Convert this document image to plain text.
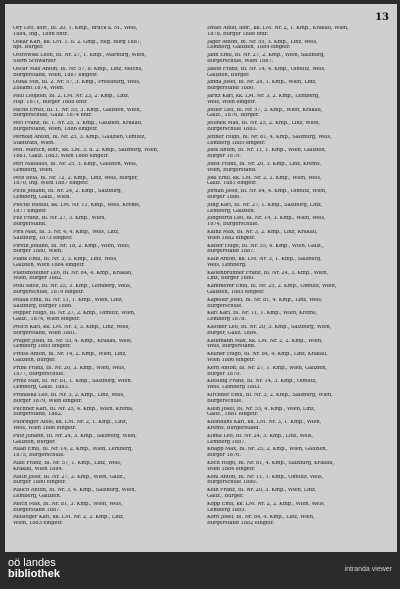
13
Ory Leo, lehr., Bl. 20, 1. Kmp., Bruck a. M., Wels,
1884, Ing., 1886 entr.
Oskar Karl, kk. LM. 1. u. 2. Gmp., Reg. Burg 1887,
hpt. Bürger.
Ostrowski Leon, Bl. Nr. 27, 1. Kmp., Marburg, Wien,
Stern Schwarzer
Oscar Max Anton, Bl. Nr. 57, 8. Kmp., Linz, Reichs,
Bürgerstand, Wien, 1887 eingetr.
Osbal Mix, Bl. 2. Nr. 57, 3. Kmp., Pressburg, Wels,
Zollamt 1874, Wien.
Paul Leopold, Bl. 2. LM. Nr. 23, 2. Kmp., Linz,
Hsp. 1871, Bürger 1888 entr.
Pache Ernst, Bl. 1. Nr. 55, 3. Kmp., Galizien, Wien,
Bürgerschule, Galiz. 1874 entr.
Perl Franz, Bl. 1. Nr. 25, 3. Kmp., Galizien, Krakau,
Bürgerstand, Wien, 1886 eingetr.
Pernold Anton, Bl. Nr. 25, 3. Kmp., Galizien, Olmütz,
Stadtrath, Wien.
Ped. Marsch, lehr., kk. LM. 3. u. 2. Kmp., Salzburg, Wien,
1881, Galiz. 1883, Wien 1886 eingetr.
Peri Nikolaus, Bl. Nr. 25, 3. Kmp., Galizien, Wels,
Lemberg, Wien.
Peth Bela, Bl. Nr. 72, 2. Kmp., Linz, Wels, Bürger,
1870, Ing. Wien 1887 eingetr.
Pichl Johann, Bl. Nr. 24, 2. Kmp., Salzburg,
Lemberg, Galiz., Wien.
Pieche Rudolf, kk. LM. Nr. 11, Kmp., Wels, Krems,
1877 eingetr.
Pilz Franz, Bl. Nr. 27, 3. Kmp., Wien,
Bürgerstand.
Pira Max, Bl. 3. Nr. 4, 4. Kmp., Wels, Linz,
Salzburg, 1873 eingetr.
Piroth Johann, Bl. Nr. 18, 2. Kmp., Wien, Wels,
Bürger 1880, Wien.
Plank Emil, Bl. Nr. 3, 3. Kmp., Linz, Wels,
Galizien, Wien 1884 eingetr.
Plattensteiner Leo, Bl. Nr. 84, 4. Kmp., Krakau,
Wien, Bürger 1882.
Pohl Adolf, Bl. Nr. 25, 3. Kmp., Lemberg, Wels,
Bürgerschule, 1879 eingetr.
Pollak Emil, Bl. Nr. 11, 1. Kmp., Wien, Linz,
Salzburg, Bürger 1886.
Popper Hugo, Bl. Nr. 27, 2. Kmp., Olmütz, Wien,
Galiz., 1874, Wien eingetr.
Posch Karl, kk. LM. Nr. 3, 3. Kmp., Linz, Wels,
Bürgerstand, Wien 1881.
Prager Josef, Bl. Nr. 55, 4. Kmp., Krakau, Wels,
Lemberg 1885 eingetr.
Preiss Anton, Bl. Nr. 14, 2. Kmp., Wien, Linz,
Galizien, Bürger.
Pribil Franz, Bl. Nr. 20, 3. Kmp., Wien, Wels,
1877, Bürgerschule.
Prinz Max, Bl. Nr. 81, 1. Kmp., Salzburg, Wien,
Lemberg, Galiz. 1883.
Prohaska Leo, Bl. Nr. 3, 2. Kmp., Linz, Wels,
Bürger 1879, Wien eingetr.
Puchner Karl, Bl. Nr. 25, 4. Kmp., Wien, Krems,
Bürgerstand, 1882.
Pühringer Alois, kk. LM. Nr. 2, 1. Kmp., Linz,
Wels, Wien 1886 eingetr.
Putz Johann, Bl. Nr. 24, 3. Kmp., Salzburg, Wien,
Galizien, Bürger.
Raab Emil, Bl. Nr. 14, 2. Kmp., Wien, Lemberg,
1875, Bürgerschule.
Rabl Franz, Bl. Nr. 57, 1. Kmp., Linz, Wels,
Krakau, Wien 1884.
Raith Josef, Bl. Nr. 27, 2. Kmp., Wien, Galiz.,
Bürger 1880 eingetr.
Rauch Anton, Bl. Nr. 3, 4. Kmp., Salzburg, Wien,
Lemberg, Galizien.
Reich Max, Bl. Nr. 81, 3. Kmp., Wien, Wels,
Bürgerstand 1887.
Reisinger Karl, kk. LM. Nr. 2, 2. Kmp., Linz,
Wien, 1883 eingetr.
Israel Adolf, lehr., kk. LM. Nr. 2, 1. Kmp., Krakau, Wien,
1878, Bürger 1886 entr.
Jäger Anton, Bl. Nr. 55, 3. Kmp., Linz, Wels,
Lemberg, Galizien, 1884 eingetr.
Jahn Emil, Bl. Nr. 27, 2. Kmp., Wien, Salzburg,
Bürgerschule, Wien 1887.
Jakob Franz, Bl. Nr. 14, 4. Kmp., Olmütz, Wels,
Galizien, Bürger.
Janda Josef, Bl. Nr. 24, 1. Kmp., Wien, Linz,
Bürgerstand 1880.
Jaritz Karl, kk. LM. Nr. 3, 2. Kmp., Lemberg,
Wels, Wien eingetr.
Jeitler Leo, Bl. Nr. 57, 3. Kmp., Wien, Krakau,
Galiz., 1876, Bürger.
Jellinek Max, Bl. Nr. 25, 2. Kmp., Linz, Wien,
Bürgerschule 1883.
Jenner Hugo, Bl. Nr. 81, 4. Kmp., Salzburg, Wels,
Lemberg 1885 eingetr.
Jilek Anton, Bl. Nr. 11, 1. Kmp., Wien, Galizien,
Bürger 1879.
Jobst Franz, Bl. Nr. 20, 3. Kmp., Linz, Krems,
Wien, Bürgerstand.
Jokl Emil, kk. LM. Nr. 2, 2. Kmp., Wien, Wels,
Galiz. 1881 eingetr.
Jordan Josef, Bl. Nr. 84, 4. Kmp., Olmütz, Wien,
Bürger 1886.
Jung Karl, Bl. Nr. 27, 1. Kmp., Salzburg, Linz,
Lemberg, Galizien.
Jungwirth Leo, Bl. Nr. 14, 3. Kmp., Wien, Wels,
1874, Bürgerschule.
Kainz Max, Bl. Nr. 3, 2. Kmp., Linz, Krakau,
Wien 1882 eingetr.
Kaiser Hugo, Bl. Nr. 55, 4. Kmp., Wien, Galiz.,
Bürgerstand 1887.
Kalb Anton, kk. LM. Nr. 3, 1. Kmp., Salzburg,
Wels, Lemberg.
Kaltenbrunner Franz, Bl. Nr. 24, 3. Kmp., Wien,
Linz, Bürger 1880.
Kammerer Emil, Bl. Nr. 25, 2. Kmp., Olmütz, Wien,
Galizien, 1885 eingetr.
Kapeller Josef, Bl. Nr. 81, 4. Kmp., Linz, Wels,
Bürgerschule.
Karl Karl, Bl. Nr. 11, 1. Kmp., Wien, Krems,
Lemberg 1878.
Kastner Leo, Bl. Nr. 20, 3. Kmp., Salzburg, Wien,
Bürger, Galiz. 1884.
Kaufmann Max, kk. LM. Nr. 2, 2. Kmp., Wien,
Wels, Bürgerstand.
Kellner Hugo, Bl. Nr. 84, 4. Kmp., Linz, Krakau,
Wien 1886 eingetr.
Kern Anton, Bl. Nr. 27, 1. Kmp., Wien, Galizien,
Bürger 1879.
Kiesling Franz, Bl. Nr. 14, 3. Kmp., Olmütz,
Wels, Lemberg 1883.
Kirchner Emil, Bl. Nr. 3, 2. Kmp., Salzburg, Wien,
Bürgerschule.
Klein Josef, Bl. Nr. 55, 4. Kmp., Wien, Linz,
Galiz., 1881 eingetr.
Kleinhans Karl, kk. LM. Nr. 3, 1. Kmp., Wien,
Krems, Bürgerstand.
Klima Leo, Bl. Nr. 24, 3. Kmp., Linz, Wels,
Lemberg 1887.
Knapp Max, Bl. Nr. 25, 2. Kmp., Wien, Galizien,
Bürger 1876.
Koch Hugo, Bl. Nr. 81, 4. Kmp., Salzburg, Krakau,
Wien 1884 eingetr.
Kohl Anton, Bl. Nr. 11, 1. Kmp., Olmütz, Wels,
Bürgerschule 1880.
Kolb Franz, Bl. Nr. 20, 3. Kmp., Wien, Linz,
Galiz., Bürger.
Kopp Emil, kk. LM. Nr. 2, 2. Kmp., Wien, Wels,
Lemberg 1885.
Korn Josef, Bl. Nr. 84, 4. Kmp., Linz, Wien,
Bürgerstand 1882 eingetr.
oö landes
bibliothek	intranda viewer
